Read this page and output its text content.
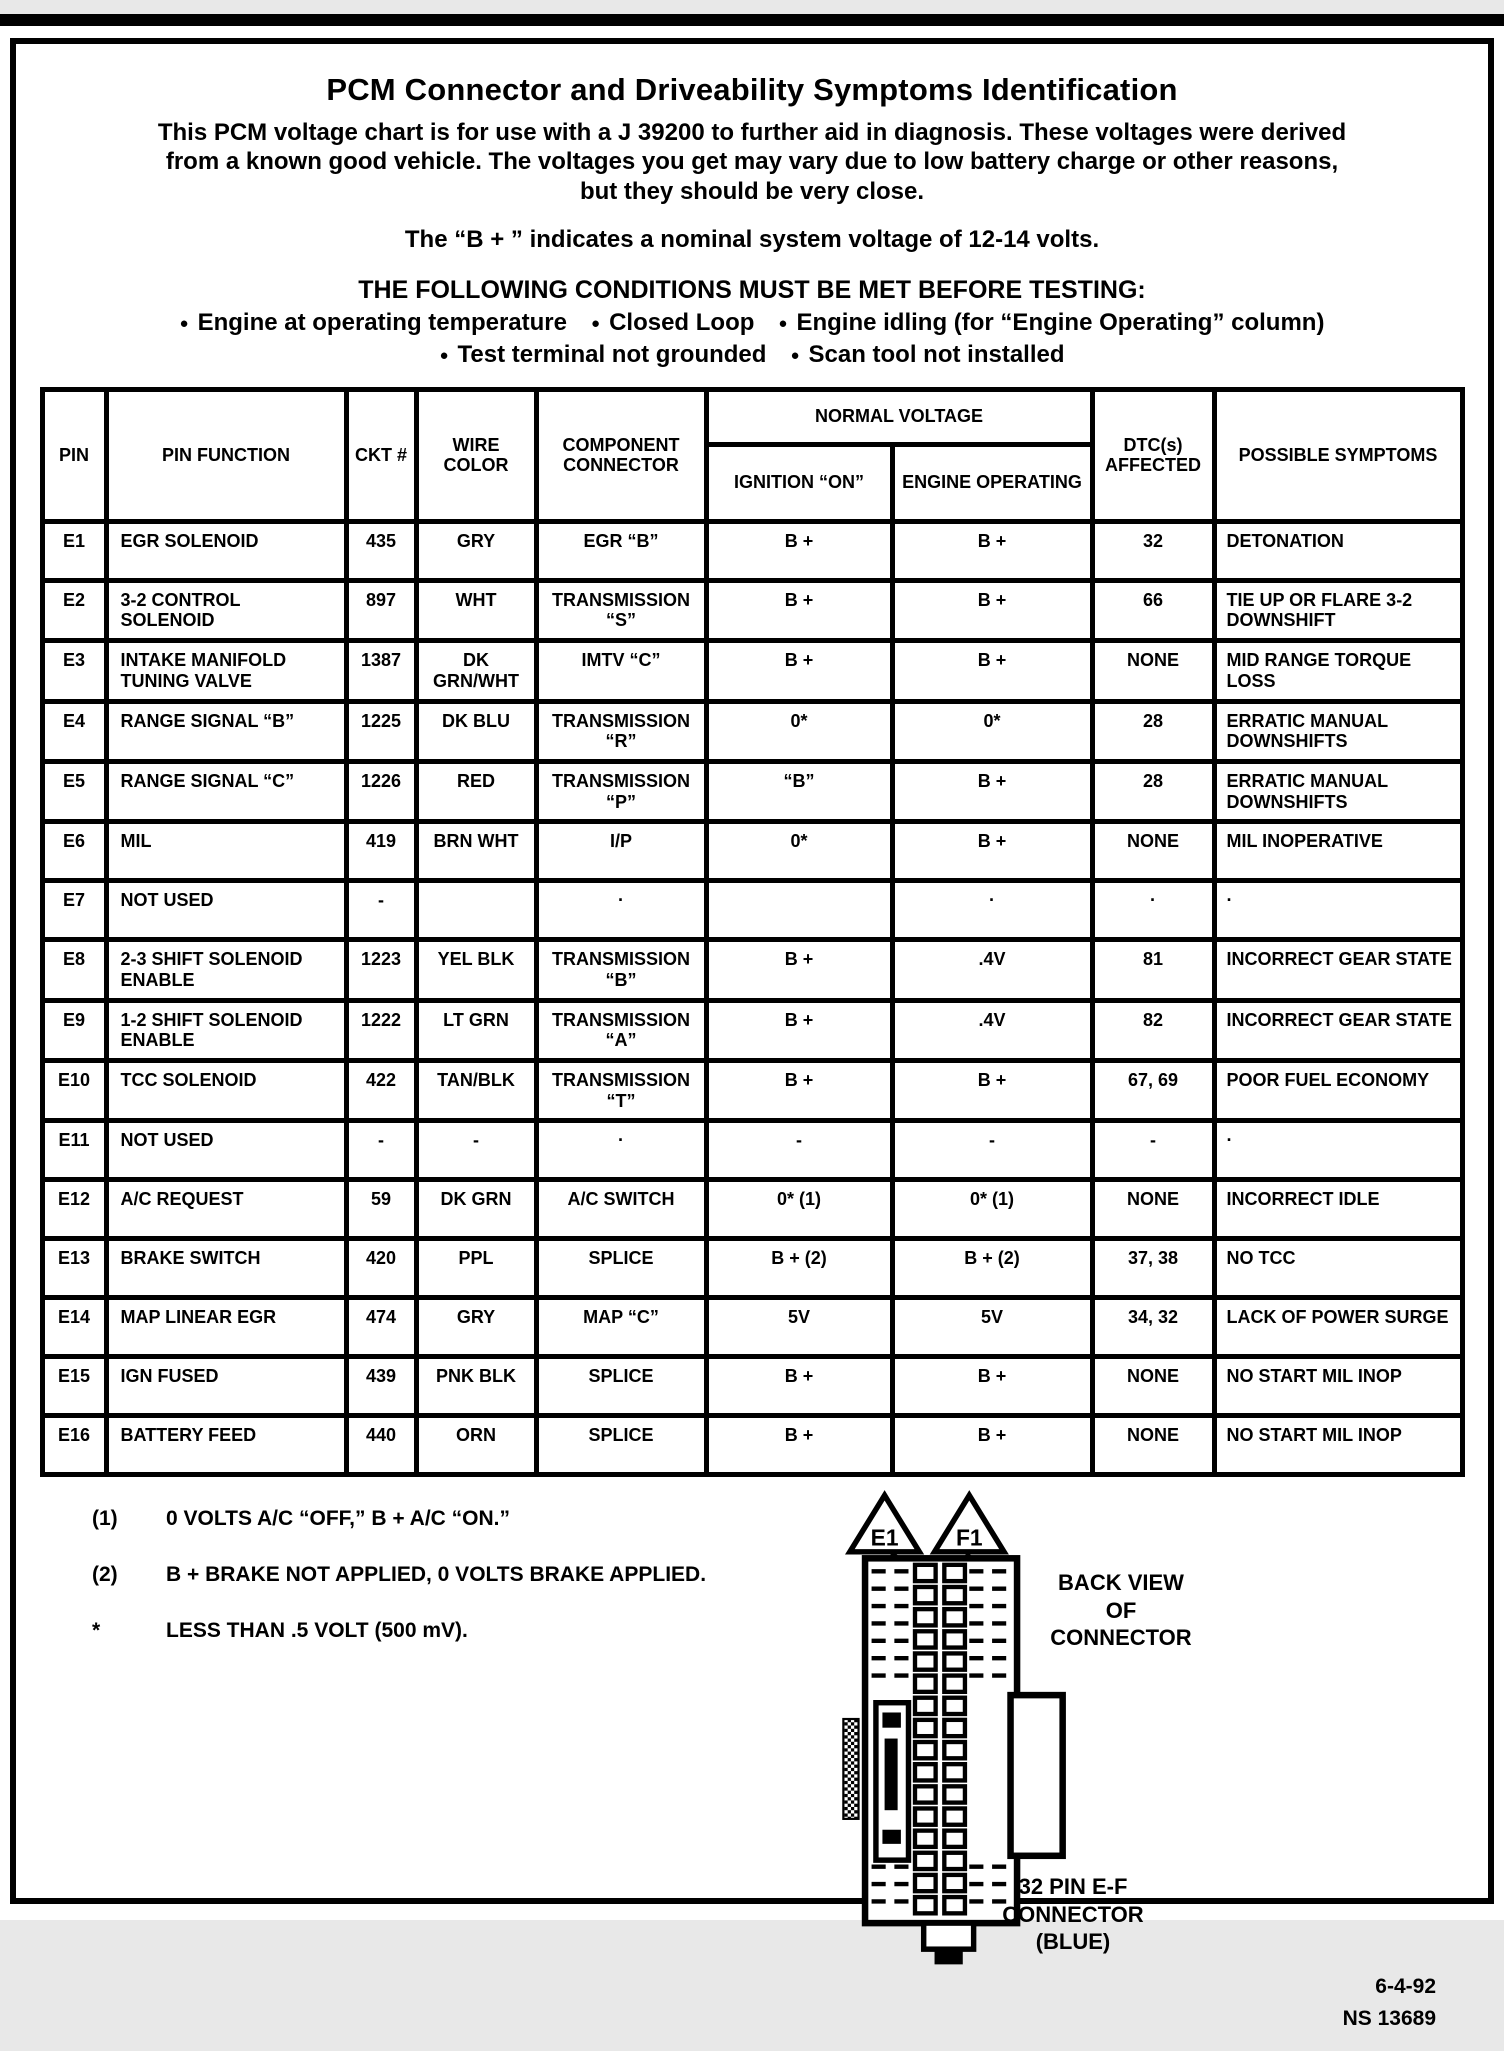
PCM Connector and Driveability Symptoms Identification
This PCM voltage chart is for use with a J 39200 to further aid in diagnosis. These voltages were derived
from a known good vehicle. The voltages you get may vary due to low battery charge or other reasons,
but they should be very close.
The “B + ” indicates a nominal system voltage of 12-14 volts.
THE FOLLOWING CONDITIONS MUST BE MET BEFORE TESTING:
● Engine at operating temperature ● Closed Loop ● Engine idling (for “Engine Operating” column)
● Test terminal not grounded ● Scan tool not installed
PIN	PIN FUNCTION	CKT #	WIRE COLOR	COMPONENT CONNECTOR	NORMAL VOLTAGE		DTC(s) AFFECTED	POSSIBLE SYMPTOMS
					IGNITION “ON”	ENGINE OPERATING		
E1	EGR SOLENOID	435	GRY	EGR “B”	B +	B +	32	DETONATION
E2	3-2 CONTROL SOLENOID	897	WHT	TRANSMISSION “S”	B +	B +	66	TIE UP OR FLARE 3-2 DOWNSHIFT
E3	INTAKE MANIFOLD TUNING VALVE	1387	DK GRN/WHT	IMTV “C”	B +	B +	NONE	MID RANGE TORQUE LOSS
E4	RANGE SIGNAL “B”	1225	DK BLU	TRANSMISSION “R”	0*	0*	28	ERRATIC MANUAL DOWNSHIFTS
E5	RANGE SIGNAL “C”	1226	RED	TRANSMISSION “P”	“B”	B +	28	ERRATIC MANUAL DOWNSHIFTS
E6	MIL	419	BRN WHT	I/P	0*	B +	NONE	MIL INOPERATIVE
E7	NOT USED	-		·		·	·	·
E8	2-3 SHIFT SOLENOID ENABLE	1223	YEL BLK	TRANSMISSION “B”	B +	.4V	81	INCORRECT GEAR STATE
E9	1-2 SHIFT SOLENOID ENABLE	1222	LT GRN	TRANSMISSION “A”	B +	.4V	82	INCORRECT GEAR STATE
E10	TCC SOLENOID	422	TAN/BLK	TRANSMISSION “T”	B +	B +	67, 69	POOR FUEL ECONOMY
E11	NOT USED	-	-	·	-	-	-	·
E12	A/C REQUEST	59	DK GRN	A/C SWITCH	0* (1)	0* (1)	NONE	INCORRECT IDLE
E13	BRAKE SWITCH	420	PPL	SPLICE	B + (2)	B + (2)	37, 38	NO TCC
E14	MAP LINEAR EGR	474	GRY	MAP “C”	5V	5V	34, 32	LACK OF POWER SURGE
E15	IGN FUSED	439	PNK BLK	SPLICE	B +	B +	NONE	NO START MIL INOP
E16	BATTERY FEED	440	ORN	SPLICE	B +	B +	NONE	NO START MIL INOP
(1) 0 VOLTS A/C “OFF,” B + A/C “ON.”
(2) B + BRAKE NOT APPLIED, 0 VOLTS BRAKE APPLIED.
*	LESS THAN .5 VOLT (500 mV).
E1	F1
BACK VIEW
OF
CONNECTOR
32 PIN E-F
CONNECTOR
(BLUE)
6-4-92
NS 13689
